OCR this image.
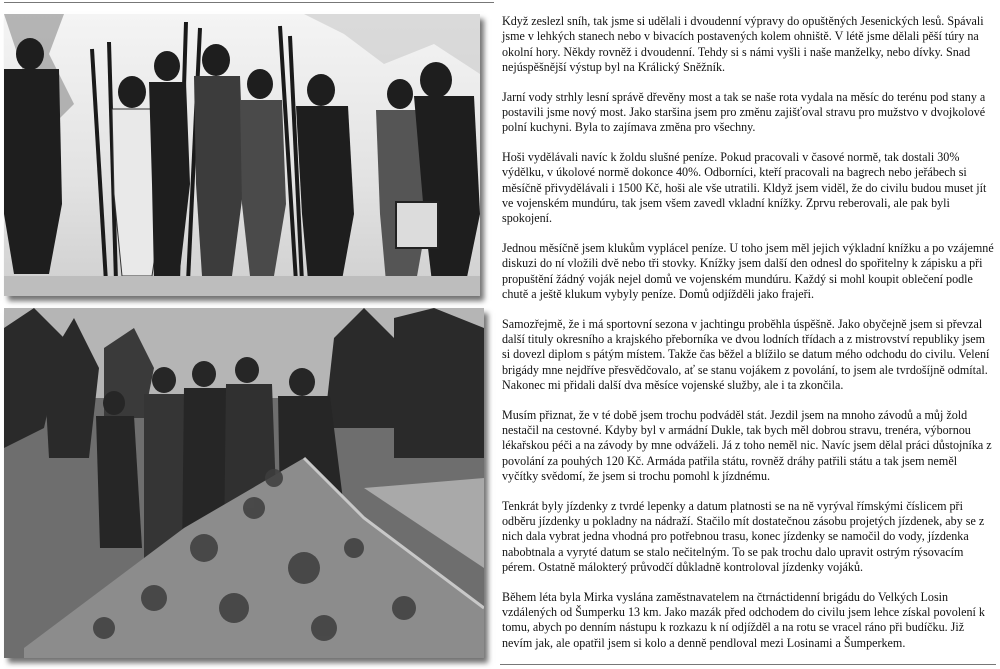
Když zeslezl sníh, tak jsme si udělali i dvoudenní výpravy do opuštěných Jesenických lesů. Spávali jsme v lehkých stanech nebo v bivacích postavených kolem ohniště. V létě jsme dělali pěší túry na okolní hory. Někdy rovněž i dvoudenní. Tehdy si s námi vyšli i naše manželky, nebo dívky. Snad nejúspěšnější výstup byl na Králický Sněžník.

Jarní vody strhly lesní správě dřevěny most a tak se naše rota vydala na měsíc do terénu pod stany a postavili jsme nový most. Jako staršina jsem pro změnu zajišťoval stravu pro mužstvo v dvojkolové polní kuchyni. Byla to zajímava změna pro všechny.

Hoši vydělávali navíc k žoldu slušné peníze. Pokud pracovali v časové normě, tak dostali 30% výdělku, v úkolové normě dokonce 40%. Odborníci, kteří pracovali na bagrech nebo jeřábech si měsíčně přivydělávali i 1500 Kč, hoši ale vše utratili. Kldyž jsem viděl, že do civilu budou muset jít ve vojenském mundúru, tak jsem všem zavedl vkladní knížky. Zprvu reberovali, ale pak byli spokojení.

Jednou měsíčně jsem klukům vyplácel peníze. U toho jsem měl jejich výkladní knížku a po vzájemné diskuzi do ní vložili dvě nebo tři stovky. Knížky jsem další den odnesl do spořitelny k zápisku a při propuštění žádný voják nejel domů ve vojenském mundúru. Každý si mohl koupit oblečení podle chutě a ještě klukum vybyly peníze. Domů odjížděli jako frajeři.

Samozřejmě, že i má sportovní sezona v jachtingu proběhla úspěšně. Jako obyčejně jsem si převzal další tituly okresního a krajského přeborníka ve dvou lodních třídach a z mistrovství republiky jsem si dovezl diplom s pátým místem. Takže čas běžel a blížilo se datum mého odchodu do civilu. Velení brigády mne nejdříve přesvědčovalo, ať se stanu vojákem z povolání, to jsem ale tvrdošíjně odmítal. Nakonec mi přidali další dva měsíce vojenské služby, ale i ta zkončila.

Musím přiznat, že v té době jsem trochu podváděl stát. Jezdil jsem na mnoho závodů a můj žold nestačil na cestovné. Kdyby byl v armádní Dukle, tak bych měl dobrou stravu, trenéra, výbornou lékařskou péči a na závody by mne odváželi. Já z toho neměl nic. Navíc jsem dělal práci důstojníka z povolání za pouhých 120 Kč. Armáda patřila státu, rovněž dráhy patřili státu a tak jsem neměl vyčítky svědomí, že jsem si trochu pomohl k jízdnému.

Tenkrát byly jízdenky z tvrdé lepenky a datum platnosti se na ně vyrýval římskými číslicem při odběru jízdenky u pokladny na nádraží. Stačilo mít dostatečnou zásobu projetých jízdenek, aby se z nich dala vybrat jedna vhodná pro potřebnou trasu, konec jízdenky se namočil do vody, jízdenka nabobtnala a vyryté datum se stalo nečitelným. To se pak trochu dalo upravit ostrým rýsovacím pérem. Ostatně málokterý průvodčí důkladně kontroloval jízdenky vojáků.

Během léta byla Mirka vyslána zaměstnavatelem na čtrnáctidenní brigádu do Velkých Losin vzdálených od Šumperku 13 km. Jako mazák před odchodem do civilu jsem lehce získal povolení k tomu, abych po denním nástupu k rozkazu k ní odjížděl a na rotu se vracel ráno při budíčku. Již nevím jak, ale opatřil jsem si kolo a denně pendloval mezi Losinami a Šumperkem.
